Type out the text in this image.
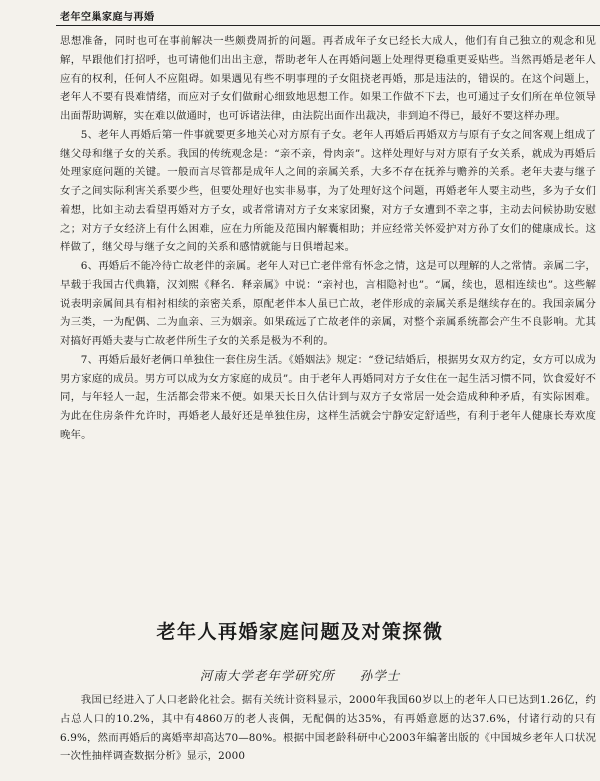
老年空巢家庭与再婚

思想准备，同时也可在事前解决一些颇费周折的问题。再者成年子女已经长大成人，他们有自己独立的观念和见解，早跟他们打招呼，也可请他们出出主意，帮助老年人在再婚问题上处理得更稳重更妥贴些。当然再婚是老年人应有的权利，任何人不应阻碍。如果遇见有些不明事理的子女阻挠老再婚，那是违法的，错误的。在这个问题上，老年人不要有畏难情绪，而应对子女们做耐心细致地思想工作。如果工作做不下去，也可通过子女们所在单位领导出面帮助调解，实在难以做通时，也可诉诸法律，由法院出面作出裁决，非到迫不得已，最好不要这样办理。

5、老年人再婚后第一件事就要更多地关心对方原有子女。老年人再婚后再婚双方与原有子女之间客观上组成了继父母和继子女的关系。我国的传统观念是：“亲不亲，骨肉亲”。这样处理好与对方原有子女关系，就成为再婚后处理家庭问题的关键。一般而言尽管都是成年人之间的亲属关系，大多不存在抚养与赡养的关系。老年夫妻与继子女子之间实际利害关系要少些，但要处理好也实非易事，为了处理好这个问题，再婚老年人要主动些，多为子女们着想，比如主动去看望再婚对方子女，或者常请对方子女来家团聚，对方子女遭到不幸之事，主动去问候协助安慰之；对方子女经济上有什么困难，应在力所能及范围内解囊相助；并应经常关怀爱护对方孙了女们的健康成长。这样做了，继父母与继子女之间的关系和感情就能与日俱增起来。

6、再婚后不能冷待亡故老伴的亲属。老年人对已亡老伴常有怀念之情，这是可以理解的人之常情。亲属二字，早载于我国古代典籍，汉刘熙《释名．释亲属》中说：“亲衬也，言相隐衬也”。“属，续也，恩相连续也”。这些解说表明亲属间具有相衬相续的亲密关系，原配老伴本人虽已亡故，老伴形成的亲属关系是继续存在的。我国亲属分为三类，一为配偶、二为血亲、三为姻亲。如果疏远了亡故老伴的亲属，对整个亲属系统都会产生不良影响。尤其对搞好再婚夫妻与亡故老伴所生子女的关系是极为不利的。

7、再婚后最好老俩口单独住一套住房生活。《婚姻法》规定：“登记结婚后，根据男女双方约定，女方可以成为男方家庭的成员。男方可以成为女方家庭的成员”。由于老年人再婚同对方子女住在一起生活习惯不同，饮食爱好不同，与年轻人一起，生活都会带来不便。如果天长日久估计到与双方子女常居一处会造成种种矛盾，有实际困难。为此在住房条件允许时，再婚老人最好还是单独住房，这样生活就会宁静安定舒适些，有利于老年人健康长寿欢度晚年。

老年人再婚家庭问题及对策探微
河南大学老年学研究所 孙学士

我国已经进入了人口老龄化社会。据有关统计资料显示，2000年我国60岁以上的老年人口已达到1.26亿，约占总人口的10.2%，其中有4860万的老人丧偶，无配偶的达35%，有再婚意愿的达37.6%，付诸行动的只有6.9%，然而再婚后的离婚率却高达70—80%。根据中国老龄科研中心2003年编著出版的《中国城乡老年人口状况一次性抽样调查数据分析》显示，2000
